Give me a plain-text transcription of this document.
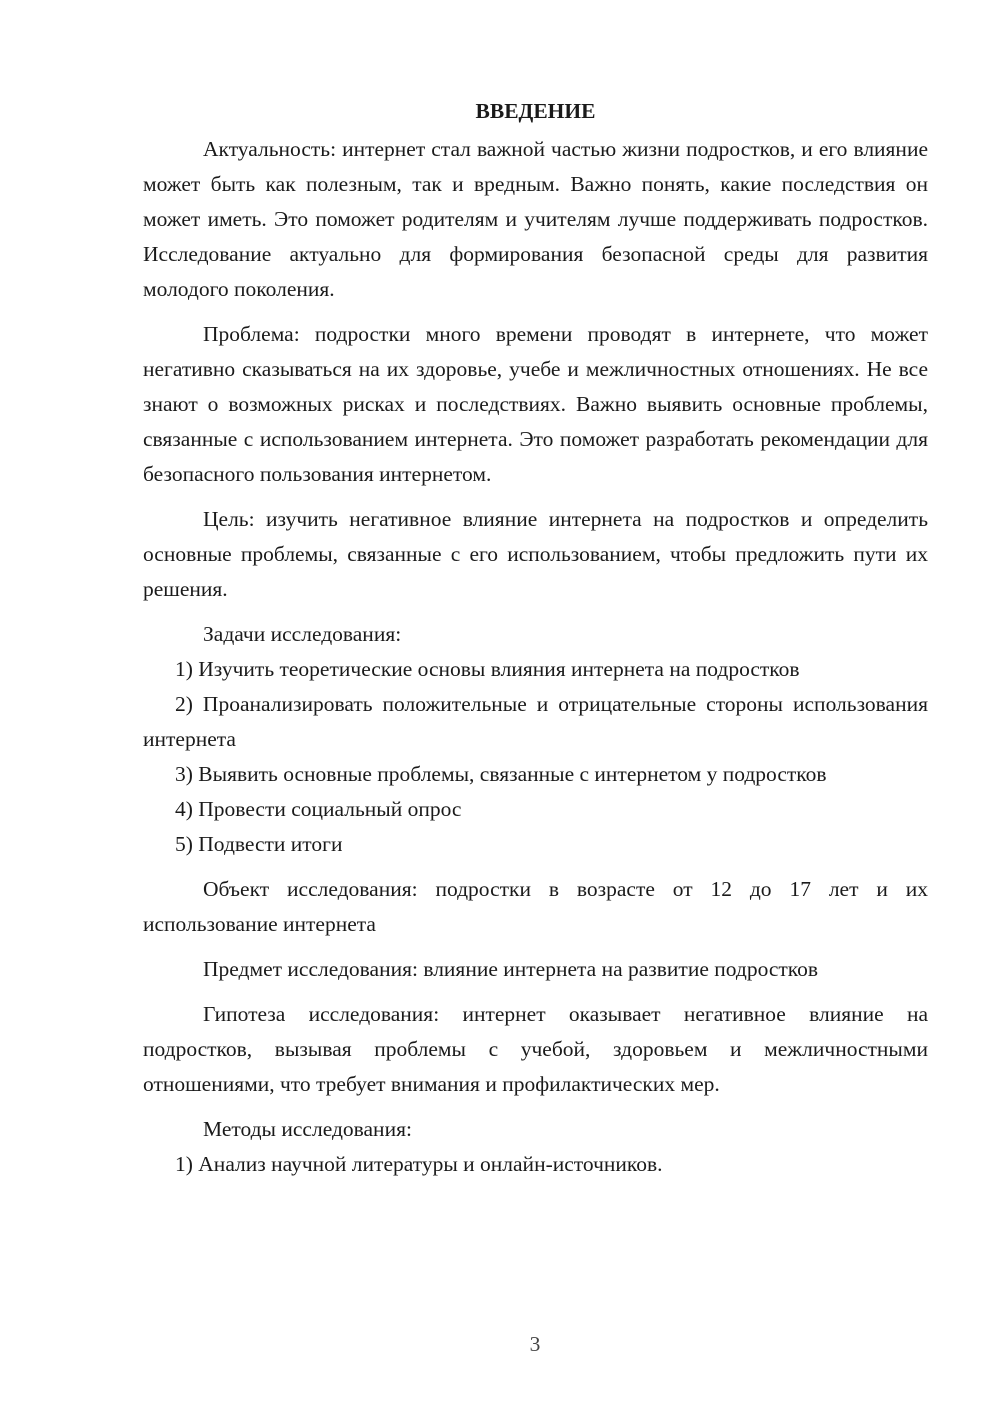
ВВЕДЕНИЕ

Актуальность: интернет стал важной частью жизни подростков, и его влияние может быть как полезным, так и вредным. Важно понять, какие последствия он может иметь. Это поможет родителям и учителям лучше поддерживать подростков. Исследование актуально для формирования безопасной среды для развития молодого поколения.

Проблема: подростки много времени проводят в интернете, что может негативно сказываться на их здоровье, учебе и межличностных отношениях. Не все знают о возможных рисках и последствиях. Важно выявить основные проблемы, связанные с использованием интернета. Это поможет разработать рекомендации для безопасного пользования интернетом.

Цель: изучить негативное влияние интернета на подростков и определить основные проблемы, связанные с его использованием, чтобы предложить пути их решения.

Задачи исследования:

1) Изучить теоретические основы влияния интернета на подростков

2) Проанализировать положительные и отрицательные стороны использования интернета

3) Выявить основные проблемы, связанные с интернетом у подростков

4) Провести социальный опрос

5) Подвести итоги

Объект исследования: подростки в возрасте от 12 до 17 лет и их использование интернета

Предмет исследования: влияние интернета на развитие подростков

Гипотеза исследования: интернет оказывает негативное влияние на подростков, вызывая проблемы с учебой, здоровьем и межличностными отношениями, что требует внимания и профилактических мер.

Методы исследования:

1) Анализ научной литературы и онлайн-источников.

3
